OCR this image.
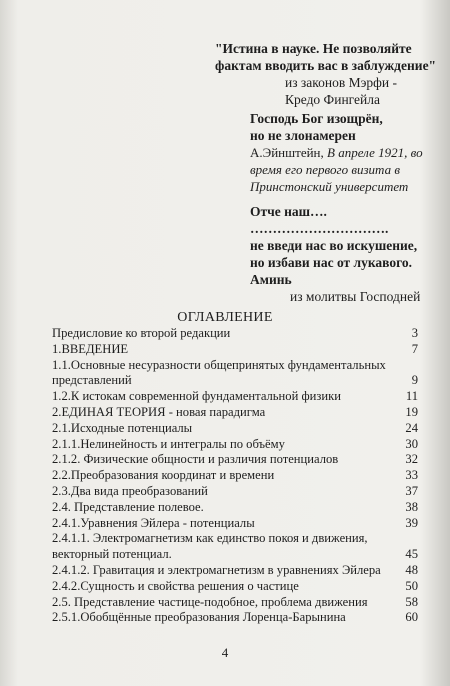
"Истина в науке. Не позволяйте
фактам вводить вас в заблуждение"
из законов Мэрфи -
Кредо Фингейла
Господь Бог изощрён,
но не злонамерен
А.Эйнштейн, В апреле 1921, во время его первого визита в Принстонский университет
Отче наш….
………………………….
не введи нас во искушение,
но избави нас от лукавого.
Аминь
из молитвы Господней
ОГЛАВЛЕНИЕ
Предисловие ко второй редакции	3
1.ВВЕДЕНИЕ	7
1.1.Основные несуразности общепринятых фундаментальных представлений	9
1.2.К истокам современной фундаментальной физики	11
2.ЕДИНАЯ ТЕОРИЯ - новая парадигма	19
2.1.Исходные потенциалы	24
2.1.1.Нелинейность и интегралы по объёму	30
2.1.2. Физические общности и различия потенциалов	32
2.2.Преобразования координат и времени	33
2.3.Два вида преобразований	37
2.4. Представление полевое.	38
2.4.1.Уравнения Эйлера - потенциалы	39
2.4.1.1. Электромагнетизм как единство покоя и движения, векторный потенциал.	45
2.4.1.2. Гравитация и электромагнетизм в уравнениях Эйлера	48
2.4.2.Сущность и свойства решения о частице	50
2.5. Представление частице-подобное, проблема движения	58
2.5.1.Обобщённые преобразования Лоренца-Барынина	60
4
